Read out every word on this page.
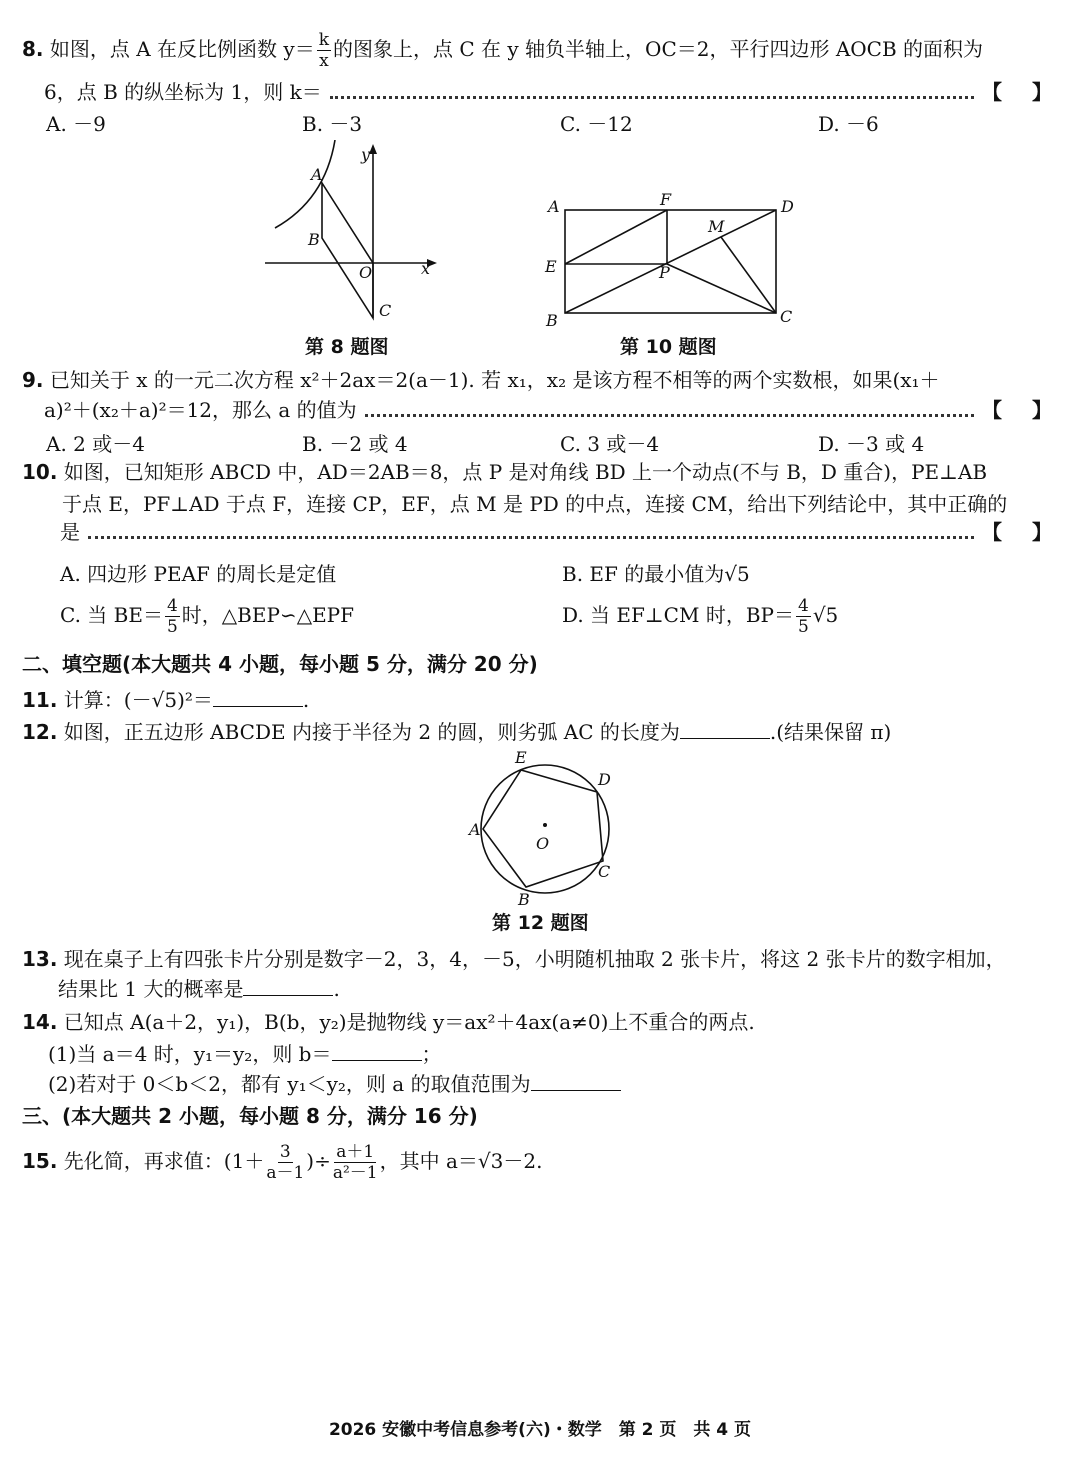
8. 如图，点 A 在反比例函数 $y= \frac{k}{x}$ 的图象上，点 C 在 y 轴负半轴上，OC＝2，平行四边形 AOCB 的面积为
6，点 B 的纵坐标为 1，则 k＝	【 】
A. －9	B. －3	C. －12	D. －6
A
B
O
C
x
y
第 8 题图
A	F	D
M
E	P
B	C
第 10 题图
9. 已知关于 x 的一元二次方程 x²＋2ax＝2(a－1). 若 x₁，x₂ 是该方程不相等的两个实数根，如果(x₁＋
a)²＋(x₂＋a)²＝12，那么 a 的值为	【 】
A. 2 或－4	B. －2 或 4	C. 3 或－4	D. －3 或 4
10. 如图，已知矩形 ABCD 中，AD＝2AB＝8，点 P 是对角线 BD 上一个动点(不与 B，D 重合)，PE⊥AB
于点 E，PF⊥AD 于点 F，连接 CP，EF，点 M 是 PD 的中点，连接 CM，给出下列结论中，其中正确的
是	【 】
A. 四边形 PEAF 的周长是定值	B. EF 的最小值为√5
C. 当 $BE= \frac{4}{5}$ 时，△BEP∽△EPF	D. 当 EF⊥CM 时，$BP= \frac{4}{5} √5$
二、填空题(本大题共 4 小题，每小题 5 分，满分 20 分)
11. 计算：(－√5)²＝	.
12. 如图，正五边形 ABCDE 内接于半径为 2 的圆，则劣弧 AC 的长度为	.(结果保留 π)
E
D
A
O
C
B
第 12 题图
13. 现在桌子上有四张卡片分别是数字－2，3，4，－5，小明随机抽取 2 张卡片，将这 2 张卡片的数字相加，
结果比 1 大的概率是	.
14. 已知点 A(a＋2，y₁)，B(b，y₂)是抛物线 y＝ax²＋4ax(a≠0)上不重合的两点.
(1)当 a＝4 时，y₁＝y₂，则 b＝	；
(2)若对于 0＜b＜2，都有 y₁＜y₂，则 a 的取值范围为
三、(本大题共 2 小题，每小题 8 分，满分 16 分)
15. 先化简，再求值：($1+ \frac{3}{a-1}$ )÷ $\frac{a+1}{\text{a²－1}}$ ，其中 a＝√3－2.
2026 安徽中考信息参考(六)・数学　第 2 页　共 4 页
